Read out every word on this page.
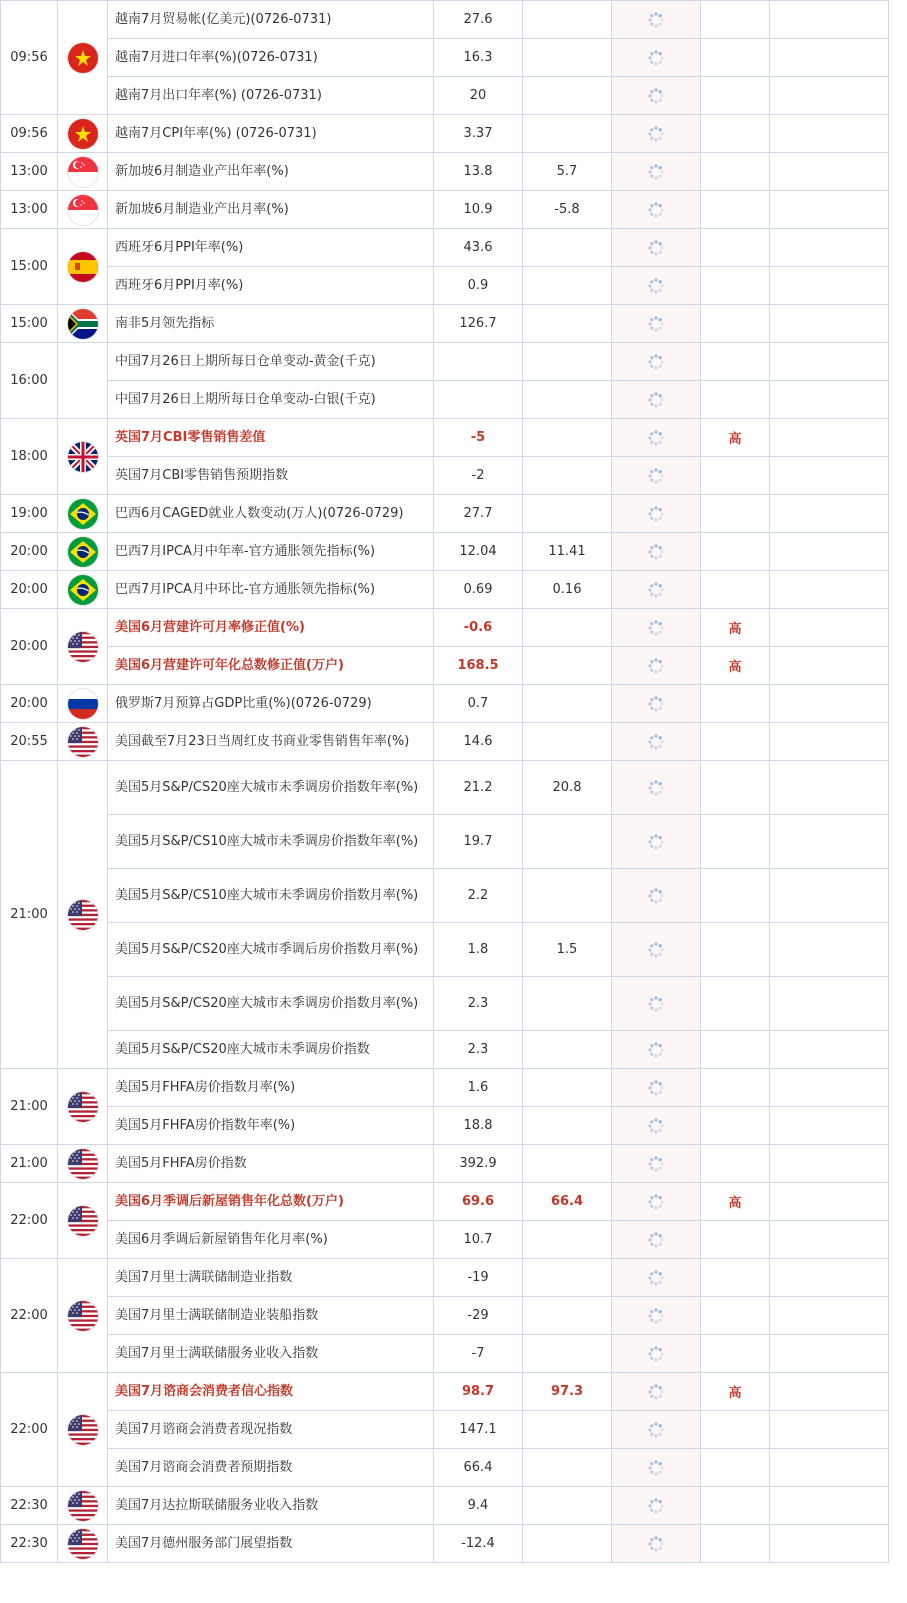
09:56		越南7月贸易帐(亿美元)(0726-0731)	27.6		

		越南7月进口年率(%)(0726-0731)	16.3		

		越南7月出口年率(%) (0726-0731)	20		

09:56		越南7月CPI年率(%) (0726-0731)	3.37		

13:00		新加坡6月制造业产出年率(%)	13.8	5.7	

13:00		新加坡6月制造业产出月率(%)	10.9	-5.8	

15:00		西班牙6月PPI年率(%)	43.6		

		西班牙6月PPI月率(%)	0.9		

15:00		南非5月领先指标	126.7		

16:00		中国7月26日上期所每日仓单变动-黄金(千克)			

		中国7月26日上期所每日仓单变动-白银(千克)			

18:00		英国7月CBI零售销售差值	-5			高	
		英国7月CBI零售销售预期指数	-2		

19:00		巴西6月CAGED就业人数变动(万人)(0726-0729)	27.7		

20:00		巴西7月IPCA月中年率-官方通胀领先指标(%)	12.04	11.41	

20:00		巴西7月IPCA月中环比-官方通胀领先指标(%)	0.69	0.16	

20:00		美国6月营建许可月率修正值(%)	-0.6			高	
		美国6月营建许可年化总数修正值(万户)	168.5			高	
20:00		俄罗斯7月预算占GDP比重(%)(0726-0729)	0.7		

20:55		美国截至7月23日当周红皮书商业零售销售年率(%)	14.6		

21:00		美国5月S&P/CS20座大城市未季调房价指数年率(%)	21.2	20.8	

		美国5月S&P/CS10座大城市未季调房价指数年率(%)	19.7		

		美国5月S&P/CS10座大城市未季调房价指数月率(%)	2.2		

		美国5月S&P/CS20座大城市季调后房价指数月率(%)	1.8	1.5	

		美国5月S&P/CS20座大城市未季调房价指数月率(%)	2.3		

		美国5月S&P/CS20座大城市未季调房价指数	2.3		

21:00		美国5月FHFA房价指数月率(%)	1.6		

		美国5月FHFA房价指数年率(%)	18.8		

21:00		美国5月FHFA房价指数	392.9		

22:00		美国6月季调后新屋销售年化总数(万户)	69.6	66.4		高	
		美国6月季调后新屋销售年化月率(%)	10.7		

22:00		美国7月里士满联储制造业指数	-19		

		美国7月里士满联储制造业装船指数	-29		

		美国7月里士满联储服务业收入指数	-7		

22:00		美国7月谘商会消费者信心指数	98.7	97.3		高	
		美国7月谘商会消费者现况指数	147.1		

		美国7月谘商会消费者预期指数	66.4		

22:30		美国7月达拉斯联储服务业收入指数	9.4		

22:30		美国7月德州服务部门展望指数	-12.4		
